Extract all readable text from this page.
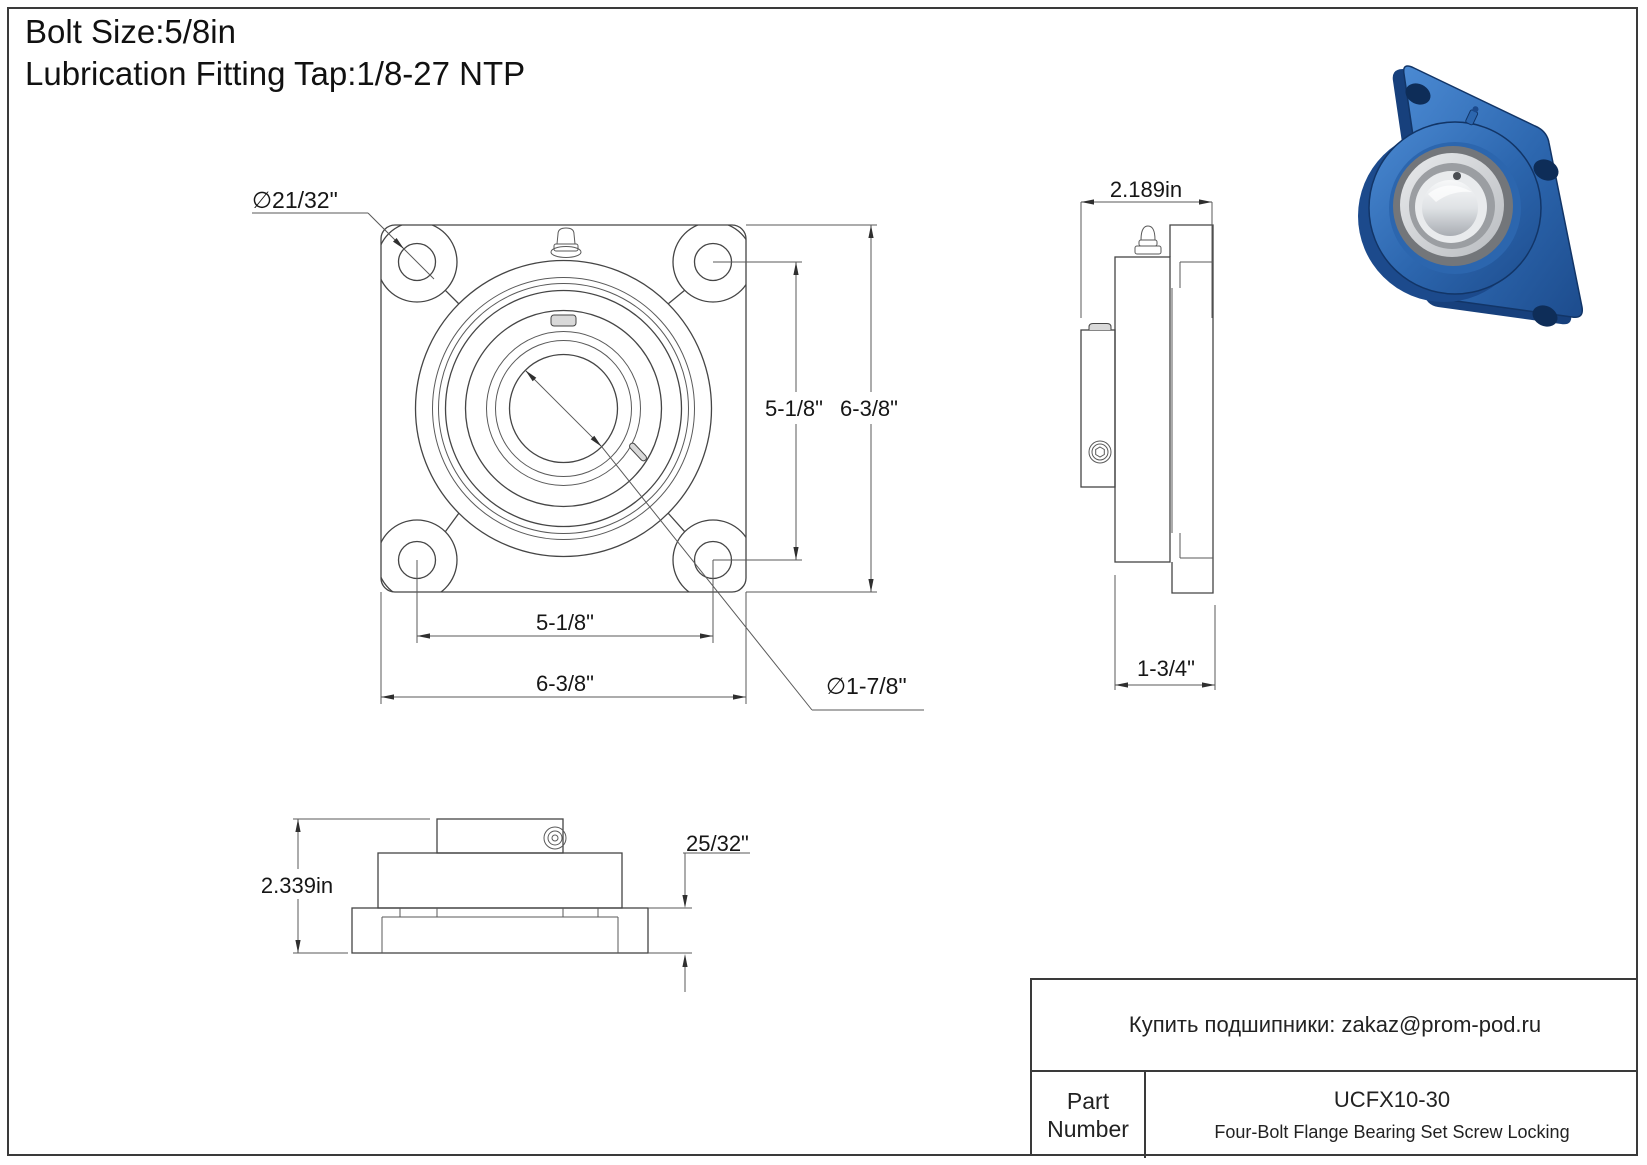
Bolt Size:5/8in
Lubrication Fitting Tap:1/8-27 NTP
∅21/32"
5-1/8" 6-3/8"
5-1/8"
6-3/8"	∅1-7/8"
2.189in
1-3/4"
2.339in
25/32"
Купить подшипники: zakaz@prom-pod.ru
Part
Number
UCFX10-30
Four-Bolt Flange Bearing Set Screw Locking
